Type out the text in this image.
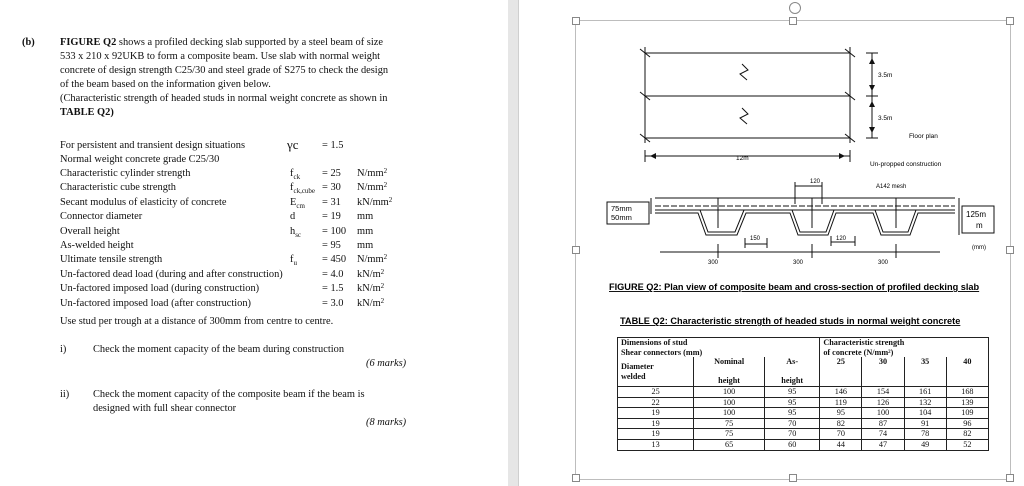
(b) FIGURE Q2 shows a profiled decking slab supported by a steel beam of size
533 x 210 x 92UKB to form a composite beam. Use slab with normal weight
concrete of design strength C25/30 and steel grade of S275 to check the design
of the beam based on the information given below.
(Characteristic strength of headed studs in normal weight concrete as shown in
TABLE Q2)
For persistent and transient design situations	γc = 1.5
Normal weight concrete grade C25/30
Characteristic cylinder strength	$f_{ck} = 25$ $N/mm^2$
Characteristic cube strength	$f_{ck,cube} = 30$ $N/mm^2$
Secant modulus of elasticity of concrete	$E_{cm} = 31$ $kN/mm^2$
Connector diameter	d	= 19 mm
Overall height	$h_{sc} = 100$ mm
As-welded height	= 95 mm
Ultimate tensile strength	$f_u = 450$ $N/mm^2$
Un-factored dead load (during and after construction)	= 4.0 $kN/m^2$
Un-factored imposed load (during construction)	= 1.5 $kN/m^2$
Un-factored imposed load (after construction)	= 3.0 $kN/m^2$
Use stud per trough at a distance of 300mm from centre to centre.
i)	Check the moment capacity of the beam during construction
(6 marks)
ii) Check the moment capacity of the composite beam if the beam is
designed with full shear connector
(8 marks)
3.5m
3.5m
12m
Floor plan
Un-propped construction
120
A142 mesh
75mm
50mm	125m
m
150	120
300	300	300
(mm)
FIGURE Q2: Plan view of composite beam and cross-section of profiled decking slab
TABLE Q2: Characteristic strength of headed studs in normal weight concrete
Dimensions of stud
Shear connectors (mm)			Characteristic strength
of concrete (N/mm²)			
Diameter
welded	Nominal

height	As-

height	25	30	35	40
25	100	95	146	154	161	168
22	100	95	119	126	132	139
19	100	95	95	100	104	109
19	75	70	82	87	91	96
19	75	70	70	74	78	82
13	65	60	44	47	49	52
